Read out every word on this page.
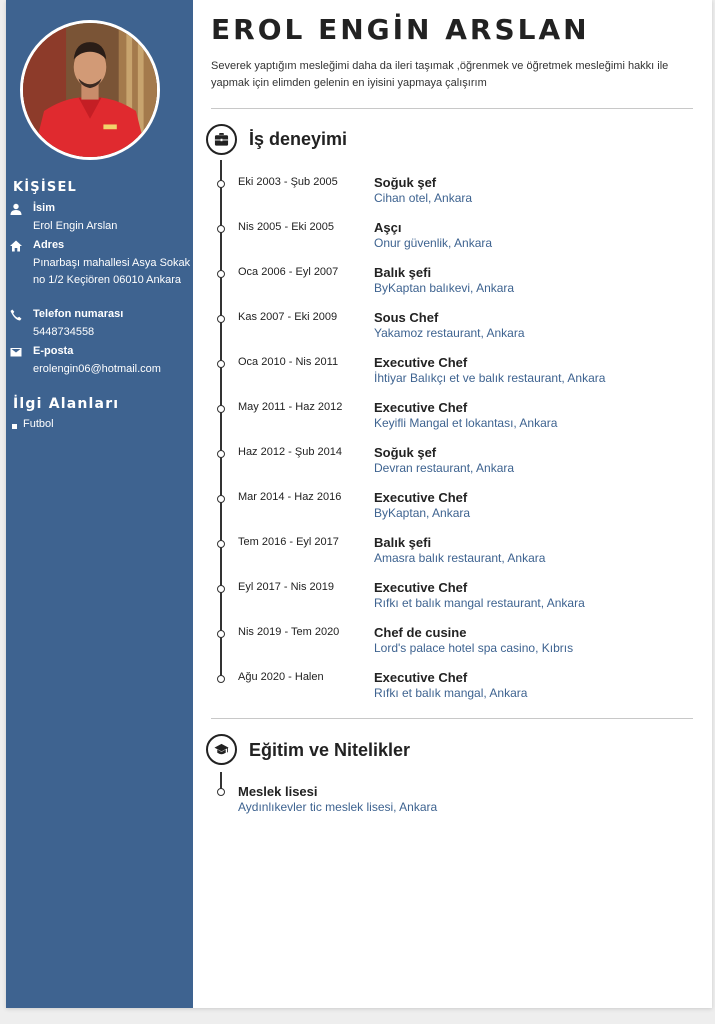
KİŞİSEL
İsim
Erol Engin Arslan
Adres
Pınarbaşı mahallesi Asya Sokak no 1/2 Keçiören 06010 Ankara
Telefon numarası
5448734558
E-posta
erolengin06@hotmail.com
İlgi Alanları
Futbol
EROL ENGİN ARSLAN
Severek yaptığım mesleğimi daha da ileri taşımak ,öğrenmek ve öğretmek mesleğimi hakkı ile yapmak için elimden gelenin en iyisini yapmaya çalışırım
İş deneyimi
Eki 2003 - Şub 2005	Soğuk şef
Cihan otel, Ankara
Nis 2005 - Eki 2005	Aşçı
Onur güvenlik, Ankara
Oca 2006 - Eyl 2007	Balık şefi
ByKaptan balıkevi, Ankara
Kas 2007 - Eki 2009	Sous Chef
Yakamoz restaurant, Ankara
Oca 2010 - Nis 2011	Executive Chef
İhtiyar Balıkçı et ve balık restaurant, Ankara
May 2011 - Haz 2012 Executive Chef
Keyifli Mangal et lokantası, Ankara
Haz 2012 - Şub 2014 Soğuk şef
Devran restaurant, Ankara
Mar 2014 - Haz 2016	Executive Chef
ByKaptan, Ankara
Tem 2016 - Eyl 2017	Balık şefi
Amasra balık restaurant, Ankara
Eyl 2017 - Nis 2019	Executive Chef
Rıfkı et balık mangal restaurant, Ankara
Nis 2019 - Tem 2020	Chef de cusine
Lord's palace hotel spa casino, Kıbrıs
Ağu 2020 - Halen	Executive Chef
Rıfkı et balık mangal, Ankara
Eğitim ve Nitelikler
Meslek lisesi
Aydınlıkevler tic meslek lisesi, Ankara
